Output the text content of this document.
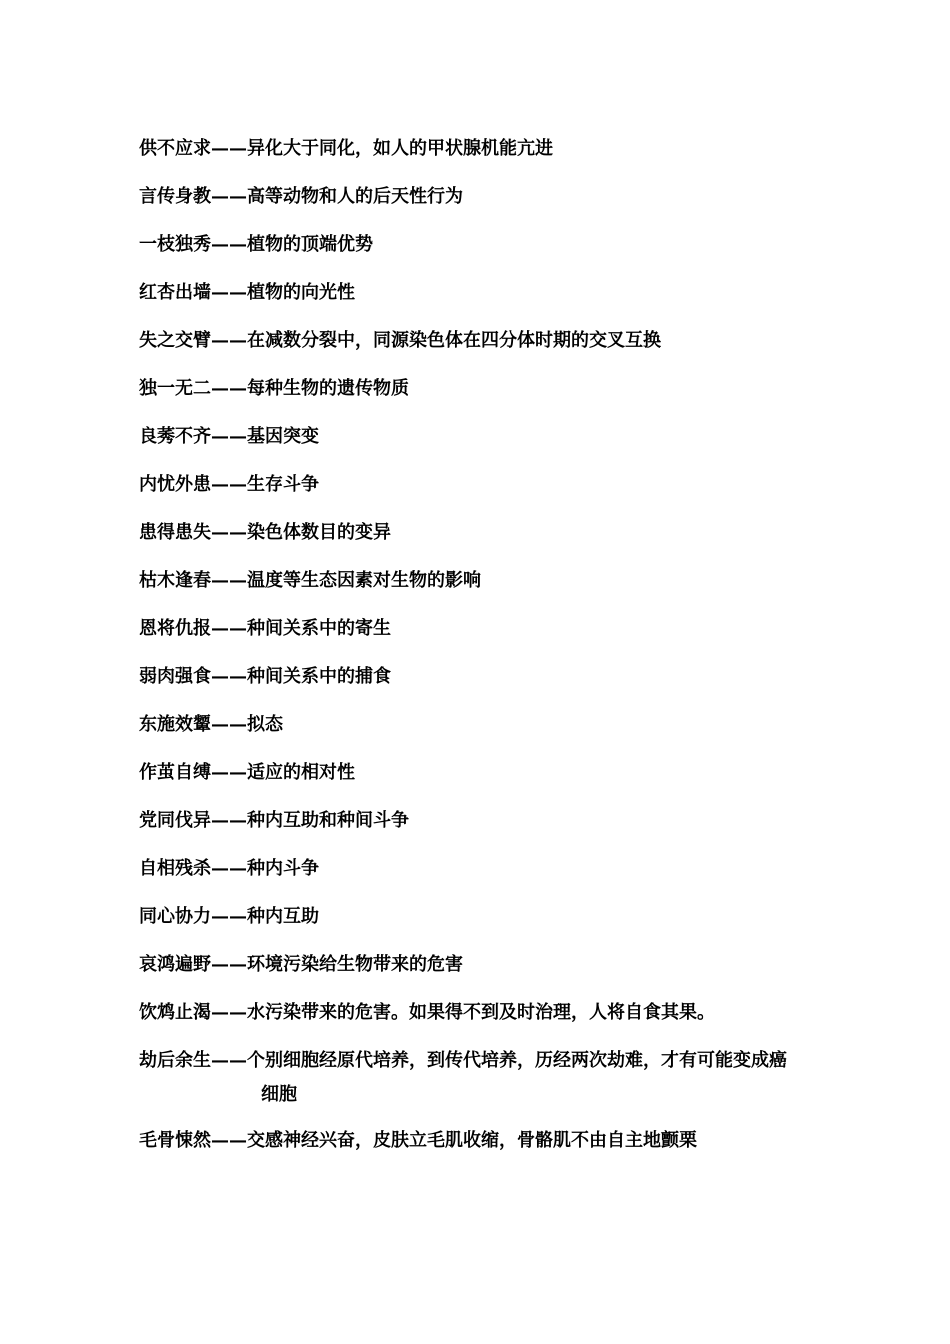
供不应求——异化大于同化，如人的甲状腺机能亢进
言传身教——高等动物和人的后天性行为
一枝独秀——植物的顶端优势
红杏出墙——植物的向光性
失之交臂——在减数分裂中，同源染色体在四分体时期的交叉互换
独一无二——每种生物的遗传物质
良莠不齐——基因突变
内忧外患——生存斗争
患得患失——染色体数目的变异
枯木逢春——温度等生态因素对生物的影响
恩将仇报——种间关系中的寄生
弱肉强食——种间关系中的捕食
东施效颦——拟态
作茧自缚——适应的相对性
党同伐异——种内互助和种间斗争
自相残杀——种内斗争
同心协力——种内互助
哀鸿遍野——环境污染给生物带来的危害
饮鸩止渴——水污染带来的危害。如果得不到及时治理，人将自食其果。
劫后余生——个别细胞经原代培养，到传代培养，历经两次劫难，才有可能变成癌
细胞
毛骨悚然——交感神经兴奋，皮肤立毛肌收缩，骨骼肌不由自主地颤栗
